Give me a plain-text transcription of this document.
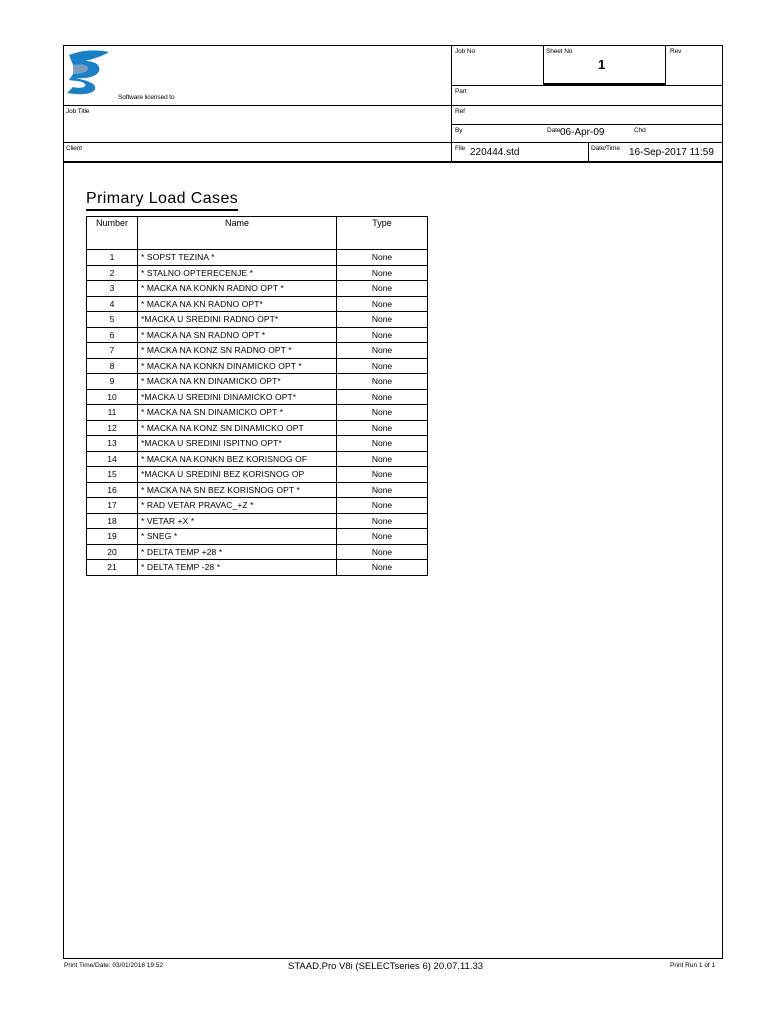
Software licensed to
Job No	Sheet No
1
Rev
Part
Job Title	Ref
By	Date 06-Apr-09	Chd
Client	File 220444.std	Date/Time 16-Sep-2017 11:59
Primary Load Cases
Number	Name	Type
1	* SOPST TEZINA *	None
2	* STALNO OPTERECENJE *	None
3	* MACKA NA KONKN RADNO OPT *	None
4	* MACKA NA KN RADNO OPT*	None
5	*MACKA U SREDINI RADNO OPT*	None
6	* MACKA NA SN RADNO OPT *	None
7	* MACKA NA KONZ SN RADNO OPT *	None
8	* MACKA NA KONKN DINAMICKO OPT *	None
9	* MACKA NA KN DINAMICKO OPT*	None
10	*MACKA U SREDINI DINAMICKO OPT*	None
11	* MACKA NA SN DINAMICKO OPT *	None
12	* MACKA NA KONZ SN DINAMICKO OPT	None
13	*MACKA U SREDINI ISPITNO OPT*	None
14	* MACKA NA KONKN BEZ KORISNOG OF	None
15	*MACKA U SREDINI BEZ KORISNOG OP	None
16	* MACKA NA SN BEZ KORISNOG OPT *	None
17	* RAD VETAR PRAVAC_+Z *	None
18	* VETAR +X *	None
19	* SNEG *	None
20	* DELTA TEMP +28 *	None
21	* DELTA TEMP -28 *	None
Print Time/Date: 03/01/2018 19:52	STAAD.Pro V8i (SELECTseries 6) 20.07.11.33	Print Run 1 of 1
